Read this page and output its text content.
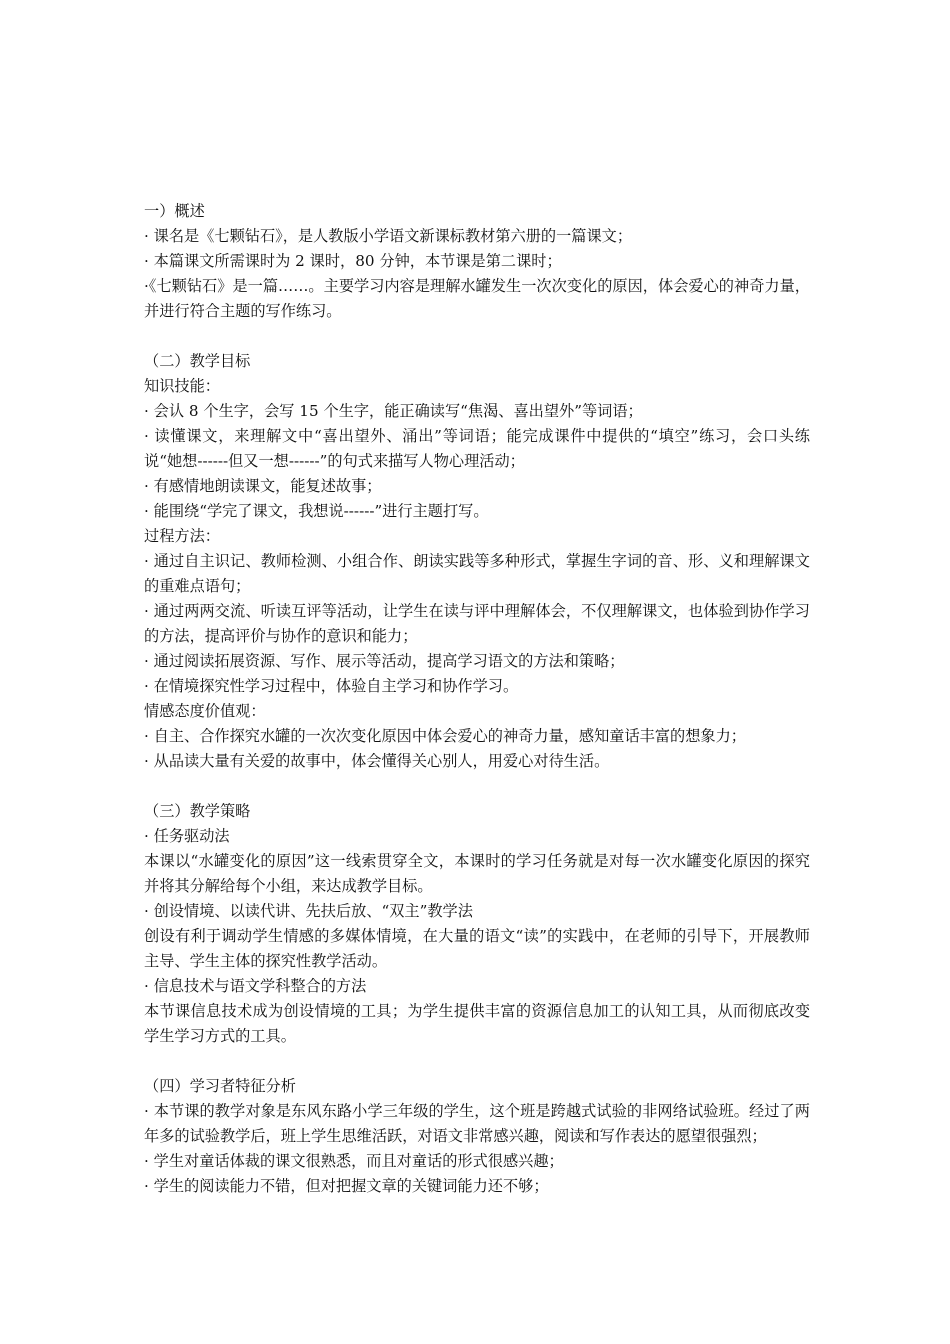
一）概述

· 课名是《七颗钻石》，是人教版小学语文新课标教材第六册的一篇课文；

· 本篇课文所需课时为 2 课时，80 分钟，本节课是第二课时；

·《七颗钻石》是一篇……。主要学习内容是理解水罐发生一次次变化的原因，体会爱心的神奇力量，并进行符合主题的写作练习。

（二）教学目标

知识技能：

· 会认 8 个生字，会写 15 个生字，能正确读写“焦渴、喜出望外”等词语；

· 读懂课文，来理解文中“喜出望外、涌出”等词语；能完成课件中提供的“填空”练习，会口头练说“她想------但又一想------”的句式来描写人物心理活动；

· 有感情地朗读课文，能复述故事；

· 能围绕“学完了课文，我想说------”进行主题打写。

过程方法：

· 通过自主识记、教师检测、小组合作、朗读实践等多种形式，掌握生字词的音、形、义和理解课文的重难点语句；

· 通过两两交流、听读互评等活动，让学生在读与评中理解体会，不仅理解课文，也体验到协作学习的方法，提高评价与协作的意识和能力；

· 通过阅读拓展资源、写作、展示等活动，提高学习语文的方法和策略；

· 在情境探究性学习过程中，体验自主学习和协作学习。

情感态度价值观：

· 自主、合作探究水罐的一次次变化原因中体会爱心的神奇力量，感知童话丰富的想象力；

· 从品读大量有关爱的故事中，体会懂得关心别人，用爱心对待生活。

（三）教学策略

· 任务驱动法

本课以“水罐变化的原因”这一线索贯穿全文，本课时的学习任务就是对每一次水罐变化原因的探究并将其分解给每个小组，来达成教学目标。

· 创设情境、以读代讲、先扶后放、“双主”教学法

创设有利于调动学生情感的多媒体情境，在大量的语文“读”的实践中，在老师的引导下，开展教师主导、学生主体的探究性教学活动。

· 信息技术与语文学科整合的方法

本节课信息技术成为创设情境的工具；为学生提供丰富的资源信息加工的认知工具，从而彻底改变学生学习方式的工具。

（四）学习者特征分析

· 本节课的教学对象是东风东路小学三年级的学生，这个班是跨越式试验的非网络试验班。经过了两年多的试验教学后，班上学生思维活跃，对语文非常感兴趣，阅读和写作表达的愿望很强烈；

· 学生对童话体裁的课文很熟悉，而且对童话的形式很感兴趣；

· 学生的阅读能力不错，但对把握文章的关键词能力还不够；
